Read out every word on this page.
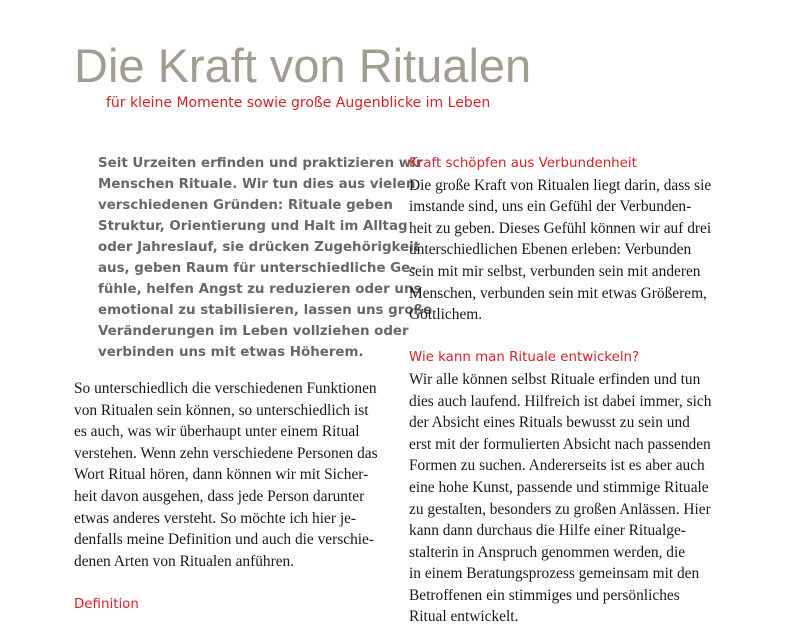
Die Kraft von Ritualen
für kleine Momente sowie große Augenblicke im Leben
Seit Urzeiten erfinden und praktizieren wir
Menschen Rituale. Wir tun dies aus vielen
verschiedenen Gründen: Rituale geben
Struktur, Orientierung und Halt im Alltag
oder Jahreslauf, sie drücken Zugehörigkeit
aus, geben Raum für unterschiedliche Ge-
fühle, helfen Angst zu reduzieren oder uns
emotional zu stabilisieren, lassen uns große
Veränderungen im Leben vollziehen oder
verbinden uns mit etwas Höherem.
So unterschiedlich die verschiedenen Funktionen
von Ritualen sein können, so unterschiedlich ist
es auch, was wir überhaupt unter einem Ritual
verstehen. Wenn zehn verschiedene Personen das
Wort Ritual hören, dann können wir mit Sicher-
heit davon ausgehen, dass jede Person darunter
etwas anderes versteht. So möchte ich hier je-
denfalls meine Definition und auch die verschie-
denen Arten von Ritualen anführen.
Definition
Kraft schöpfen aus Verbundenheit
Die große Kraft von Ritualen liegt darin, dass sie
imstande sind, uns ein Gefühl der Verbunden-
heit zu geben. Dieses Gefühl können wir auf drei
unterschiedlichen Ebenen erleben: Verbunden
sein mit mir selbst, verbunden sein mit anderen
Menschen, verbunden sein mit etwas Größerem,
Göttlichem.
Wie kann man Rituale entwickeln?
Wir alle können selbst Rituale erfinden und tun
dies auch laufend. Hilfreich ist dabei immer, sich
der Absicht eines Rituals bewusst zu sein und
erst mit der formulierten Absicht nach passenden
Formen zu suchen. Andererseits ist es aber auch
eine hohe Kunst, passende und stimmige Rituale
zu gestalten, besonders zu großen Anlässen. Hier
kann dann durchaus die Hilfe einer Ritualge-
stalterin in Anspruch genommen werden, die
in einem Beratungsprozess gemeinsam mit den
Betroffenen ein stimmiges und persönliches
Ritual entwickelt.
